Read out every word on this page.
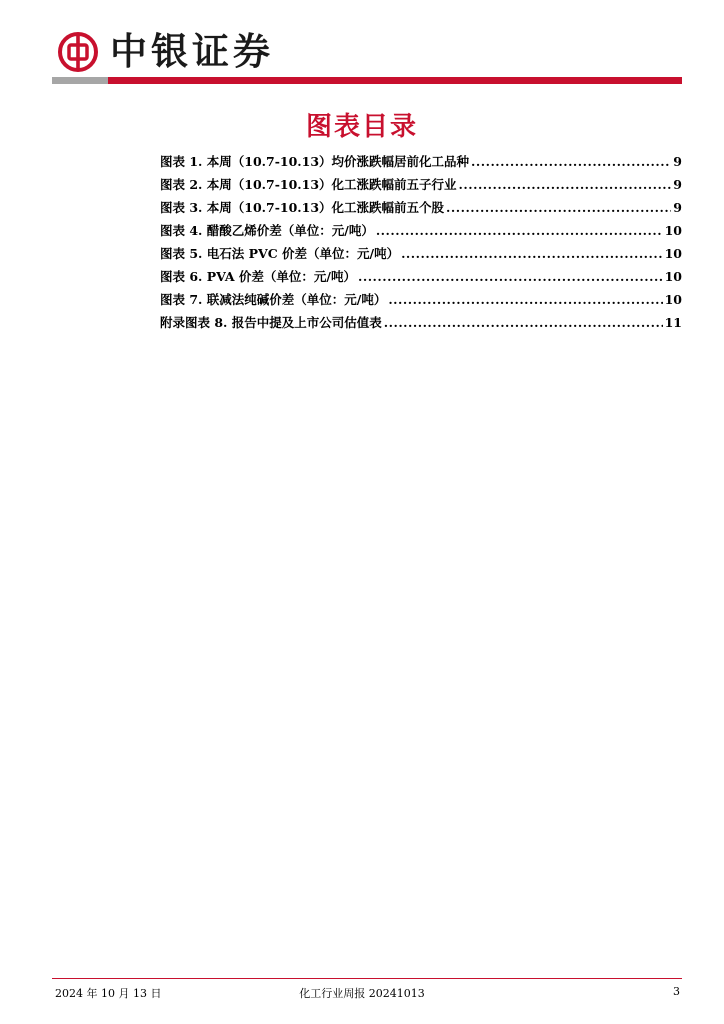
中银证券
图表目录
图表 1. 本周（10.7-10.13）均价涨跌幅居前化工品种 .....	9
图表 2. 本周（10.7-10.13）化工涨跌幅前五子行业 .....	9
图表 3. 本周（10.7-10.13）化工涨跌幅前五个股 .....	9
图表 4. 醋酸乙烯价差（单位：元/吨） .....	10
图表 5. 电石法 PVC 价差（单位：元/吨） .....	10
图表 6. PVA 价差（单位：元/吨） .....	10
图表 7. 联减法纯碱价差（单位：元/吨） .....	10
附录图表 8. 报告中提及上市公司估值表 .....	11
2024 年 10 月 13 日	化工行业周报 20241013	3
